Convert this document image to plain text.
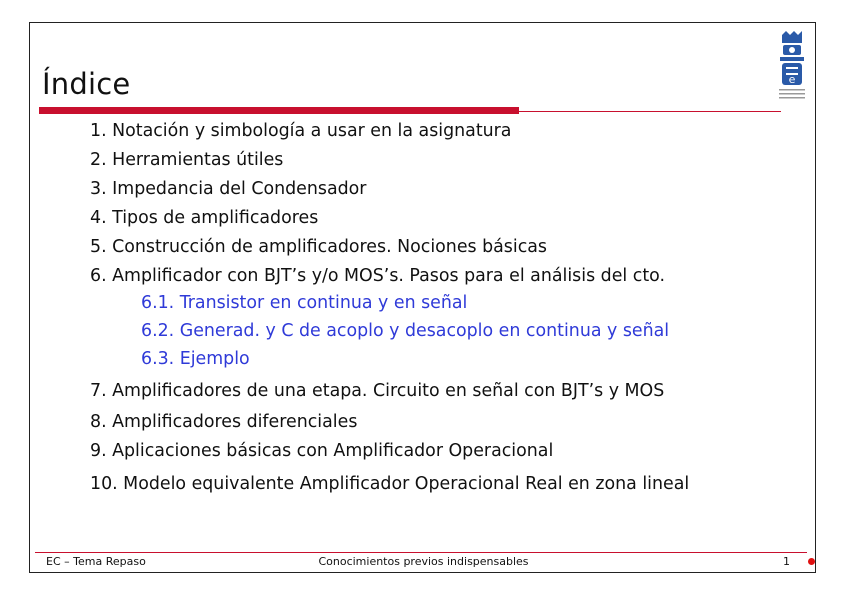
Índice	e
1. Notación y simbología a usar en la asignatura
2. Herramientas útiles
3. Impedancia del Condensador
4. Tipos de amplificadores
5. Construcción de amplificadores. Nociones básicas
6. Amplificador con BJT’s y/o MOS’s. Pasos para el análisis del cto.
6.1. Transistor en continua y en señal
6.2. Generad. y C de acoplo y desacoplo en continua y señal
6.3. Ejemplo
7. Amplificadores de una etapa. Circuito en señal con BJT’s y MOS
8. Amplificadores diferenciales
9. Aplicaciones básicas con Amplificador Operacional
10. Modelo equivalente Amplificador Operacional Real en zona lineal
EC – Tema Repaso	Conocimientos previos indispensables	1
